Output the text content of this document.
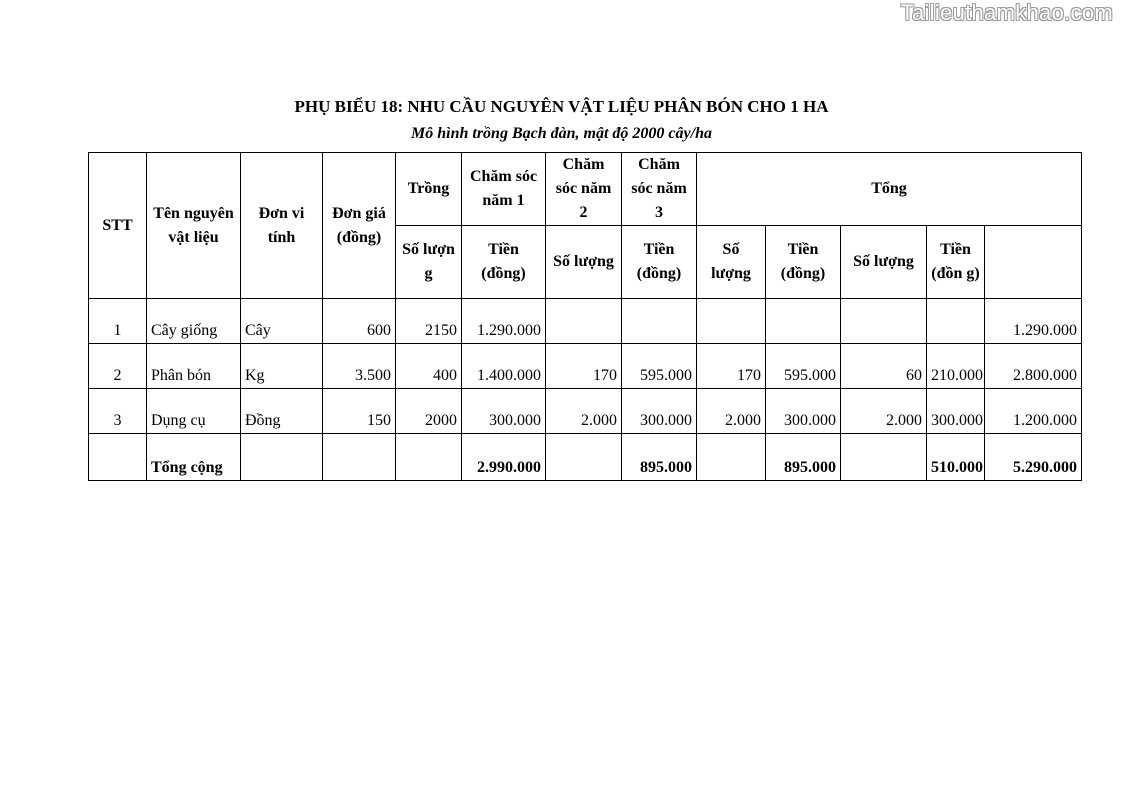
Tailieuthamkhao.com
PHỤ BIỂU 18: NHU CẦU NGUYÊN VẬT LIỆU PHÂN BÓN CHO 1 HA
Mô hình trồng Bạch đàn, mật độ 2000 cây/ha
STT	Tên nguyên vật liệu	Đơn vi tính	Đơn giá (đồng)	Trồng	Chăm sóc năm 1	Chăm sóc năm 2	Chăm sóc năm 3	Tổng				
				Số lượn g	Tiền (đồng)	Số lượng	Tiền (đồng)	Số lượng	Tiền (đồng)	Số lượng	Tiền (đồn g)	
1	Cây giống	Cây	600	2150	1.290.000							1.290.000
2	Phân bón	Kg	3.500	400	1.400.000	170	595.000	170	595.000	60	210.000	2.800.000
3	Dụng cụ	Đồng	150	2000	300.000	2.000	300.000	2.000	300.000	2.000	300.000	1.200.000
	Tổng cộng				2.990.000		895.000		895.000		510.000	5.290.000
